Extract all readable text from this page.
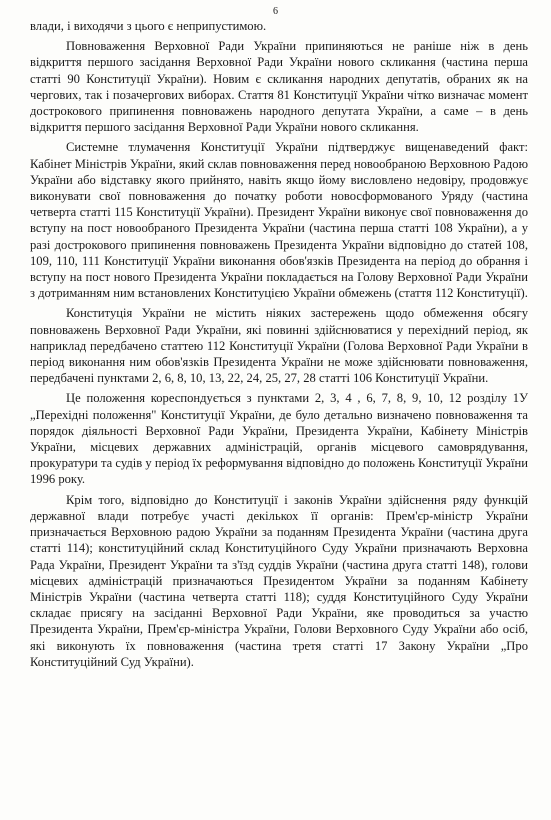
6

влади, і виходячи з цього є неприпустимою.

Повноваження Верховної Ради України припиняються не раніше ніж в день відкриття першого засідання Верховної Ради України нового скликання (частина перша статті 90 Конституції України). Новим є скликання народних депутатів, обраних як на чергових, так і позачергових виборах. Стаття 81 Конституції України чітко визначає момент дострокового припинення повноважень народного депутата України, а саме – в день відкриття першого засідання Верховної Ради України нового скликання.

Системне тлумачення Конституції України підтверджує вищенаведений факт: Кабінет Міністрів України, який склав повноваження перед новообраною Верховною Радою України або відставку якого прийнято, навіть якщо йому висловлено недовіру, продовжує виконувати свої повноваження до початку роботи новосформованого Уряду (частина четверта статті 115 Конституції України). Президент України виконує свої повноваження до вступу на пост новообраного Президента України (частина перша статті 108 України), а у разі дострокового припинення повноважень Президента України відповідно до статей 108, 109, 110, 111 Конституції України виконання обов'язків Президента на період до обрання і вступу на пост нового Президента України покладається на Голову Верховної Ради України з дотриманням ним встановлених Конституцією України обмежень (стаття 112 Конституції).

Конституція України не містить ніяких застережень щодо обмеження обсягу повноважень Верховної Ради України, які повинні здійснюватися у перехідний період, як наприклад передбачено статтею 112 Конституції України (Голова Верховної Ради України в період виконання ним обов'язків Президента України не може здійснювати повноваження, передбачені пунктами 2, 6, 8, 10, 13, 22, 24, 25, 27, 28 статті 106 Конституції України.

Це положення кореспондується з пунктами 2, 3, 4 , 6, 7, 8, 9, 10, 12 розділу 1У „Перехідні положення" Конституції України, де було детально визначено повноваження та порядок діяльності Верховної Ради України, Президента України, Кабінету Міністрів України, місцевих державних адміністрацій, органів місцевого самоврядування, прокуратури та судів у період їх реформування відповідно до положень Конституції України 1996 року.

Крім того, відповідно до Конституції і законів України здійснення ряду функцій державної влади потребує участі декількох її органів: Прем'єр-міністр України призначається Верховною радою України за поданням Президента України (частина друга статті 114); конституційний склад Конституційного Суду України призначають Верховна Рада України, Президент України та з'їзд суддів України (частина друга статті 148), голови місцевих адміністрацій призначаються Президентом України за поданням Кабінету Міністрів України (частина четверта статті 118); суддя Конституційного Суду України складає присягу на засіданні Верховної Ради України, яке проводиться за участю Президента України, Прем'єр-міністра України, Голови Верховного Суду України або осіб, які виконують їх повноваження (частина третя статті 17 Закону України „Про Конституційний Суд України).
